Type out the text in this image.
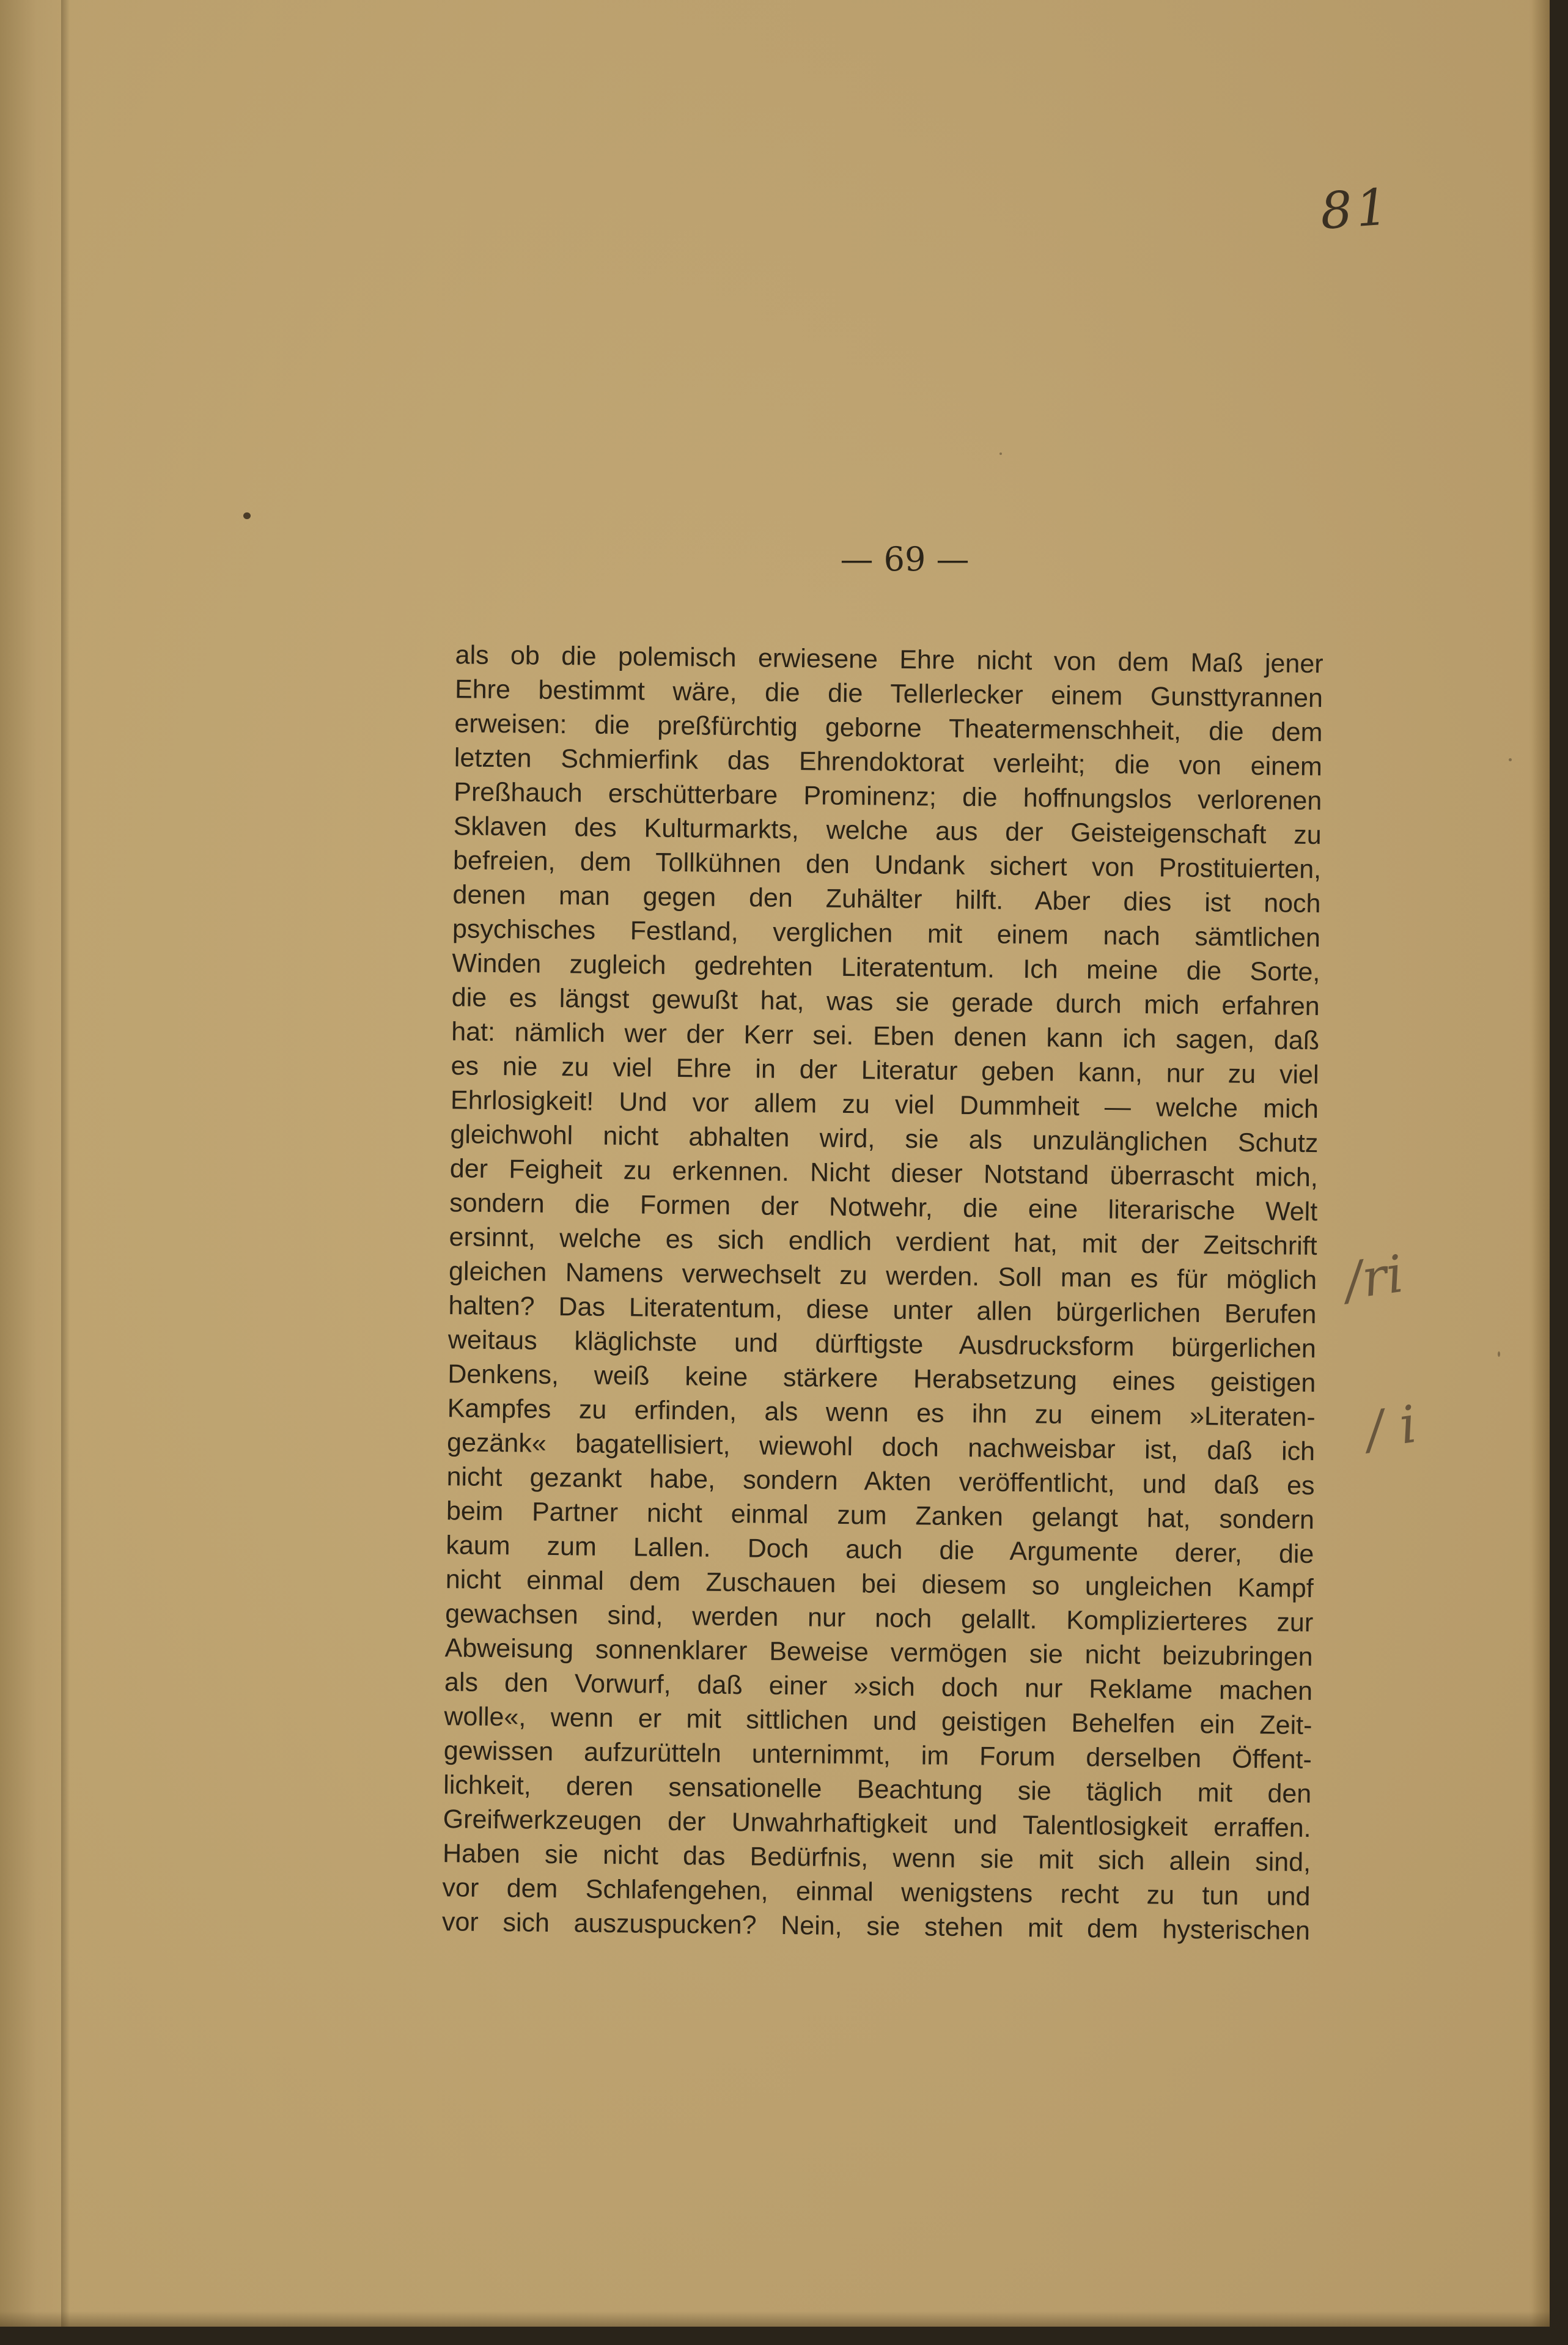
81
— 69 —
/ri
/ i
als ob die polemisch erwiesene Ehre nicht von dem Maß jener
Ehre bestimmt wäre, die die Tellerlecker einem Gunsttyrannen
erweisen: die preßfürchtig geborne Theatermenschheit, die dem
letzten Schmierfink das Ehrendoktorat verleiht; die von einem
Preßhauch erschütterbare Prominenz; die hoffnungslos verlorenen
Sklaven des Kulturmarkts, welche aus der Geisteigenschaft zu
befreien, dem Tollkühnen den Undank sichert von Prostituierten,
denen man gegen den Zuhälter hilft. Aber dies ist noch
psychisches Festland, verglichen mit einem nach sämtlichen
Winden zugleich gedrehten Literatentum. Ich meine die Sorte,
die es längst gewußt hat, was sie gerade durch mich erfahren
hat: nämlich wer der Kerr sei. Eben denen kann ich sagen, daß
es nie zu viel Ehre in der Literatur geben kann, nur zu viel
Ehrlosigkeit! Und vor allem zu viel Dummheit — welche mich
gleichwohl nicht abhalten wird, sie als unzulänglichen Schutz
der Feigheit zu erkennen. Nicht dieser Notstand überrascht mich,
sondern die Formen der Notwehr, die eine literarische Welt
ersinnt, welche es sich endlich verdient hat, mit der Zeitschrift
gleichen Namens verwechselt zu werden. Soll man es für möglich
halten? Das Literatentum, diese unter allen bürgerlichen Berufen
weitaus kläglichste und dürftigste Ausdrucksform bürgerlichen
Denkens, weiß keine stärkere Herabsetzung eines geistigen
Kampfes zu erfinden, als wenn es ihn zu einem »Literaten-
gezänk« bagatellisiert, wiewohl doch nachweisbar ist, daß ich
nicht gezankt habe, sondern Akten veröffentlicht, und daß es
beim Partner nicht einmal zum Zanken gelangt hat, sondern
kaum zum Lallen. Doch auch die Argumente derer, die
nicht einmal dem Zuschauen bei diesem so ungleichen Kampf
gewachsen sind, werden nur noch gelallt. Komplizierteres zur
Abweisung sonnenklarer Beweise vermögen sie nicht beizubringen
als den Vorwurf, daß einer »sich doch nur Reklame machen
wolle«, wenn er mit sittlichen und geistigen Behelfen ein Zeit-
gewissen aufzurütteln unternimmt, im Forum derselben Öffent-
lichkeit, deren sensationelle Beachtung sie täglich mit den
Greifwerkzeugen der Unwahrhaftigkeit und Talentlosigkeit erraffen.
Haben sie nicht das Bedürfnis, wenn sie mit sich allein sind,
vor dem Schlafengehen, einmal wenigstens recht zu tun und
vor sich auszuspucken? Nein, sie stehen mit dem hysterischen
